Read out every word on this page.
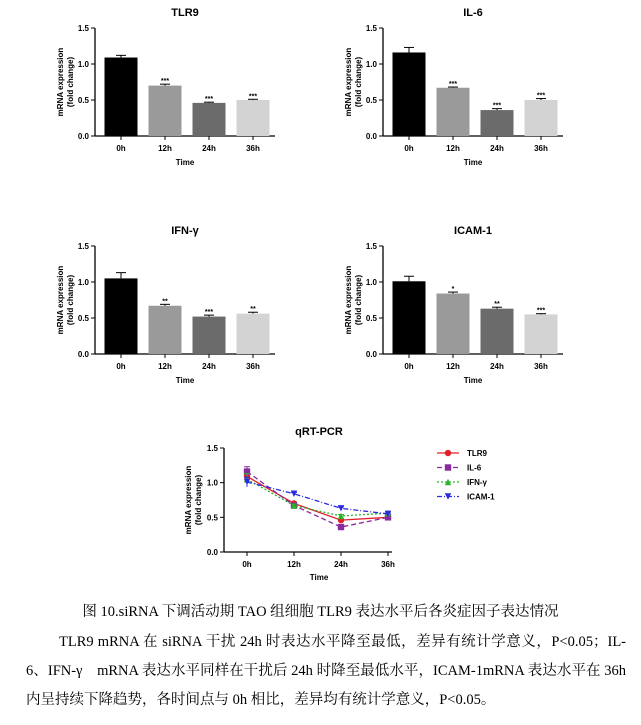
TLR9
0.0
0.5
1.0
1.5
mRNA expression(fold change)
0h
***
12h
***
24h
***
36h
Time
IL-6
0.0
0.5
1.0
1.5
mRNA expression(fold change)
0h
***
12h
***
24h
***
36h
Time
IFN-γ
0.0
0.5
1.0
1.5
mRNA expression(fold change)
0h
**
12h
***
24h
**
36h
Time
ICAM-1
0.0
0.5
1.0
1.5
mRNA expression(fold change)
0h
*
12h
**
24h
***
36h
Time
qRT-PCR
0.0
0.5
1.0
1.5
mRNA expression(fold change)
0h	12h	24h	36h
Time
TLR9
IL-6
IFN-γ
ICAM-1
图 10.siRNA 下调活动期 TAO 组细胞 TLR9 表达水平后各炎症因子表达情况
TLR9 mRNA 在 siRNA 干扰 24h 时表达水平降至最低，差异有统计学意义，P<0.05；IL-6、IFN-γ　mRNA 表达水平同样在干扰后 24h 时降至最低水平，ICAM-1mRNA 表达水平在 36h 内呈持续下降趋势，各时间点与 0h 相比，差异均有统计学意义，P<0.05。
